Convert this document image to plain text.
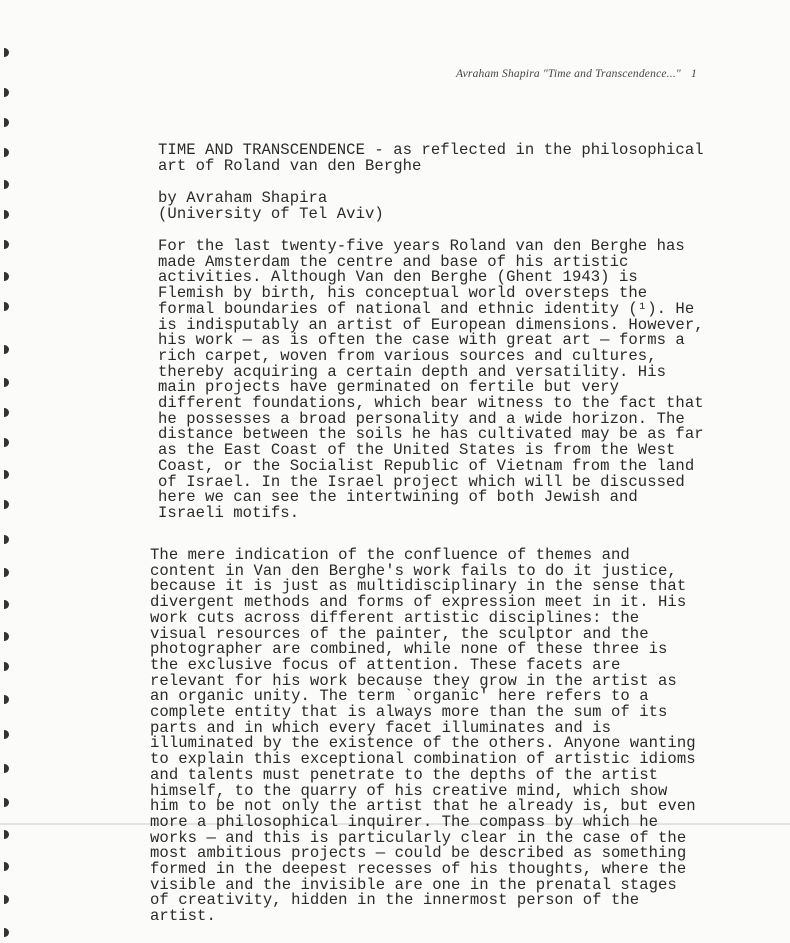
Avraham Shapira "Time and Transcendence..." 1
TIME AND TRANSCENDENCE - as reflected in the philosophical
art of Roland van den Berghe
by Avraham Shapira
(University of Tel Aviv)
For the last twenty-five years Roland van den Berghe has
made Amsterdam the centre and base of his artistic
activities. Although Van den Berghe (Ghent 1943) is
Flemish by birth, his conceptual world oversteps the
formal boundaries of national and ethnic identity (¹). He
is indisputably an artist of European dimensions. However,
his work — as is often the case with great art — forms a
rich carpet, woven from various sources and cultures,
thereby acquiring a certain depth and versatility. His
main projects have germinated on fertile but very
different foundations, which bear witness to the fact that
he possesses a broad personality and a wide horizon. The
distance between the soils he has cultivated may be as far
as the East Coast of the United States is from the West
Coast, or the Socialist Republic of Vietnam from the land
of Israel. In the Israel project which will be discussed
here we can see the intertwining of both Jewish and
Israeli motifs.
The mere indication of the confluence of themes and
content in Van den Berghe's work fails to do it justice,
because it is just as multidisciplinary in the sense that
divergent methods and forms of expression meet in it. His
work cuts across different artistic disciplines: the
visual resources of the painter, the sculptor and the
photographer are combined, while none of these three is
the exclusive focus of attention. These facets are
relevant for his work because they grow in the artist as
an organic unity. The term `organic' here refers to a
complete entity that is always more than the sum of its
parts and in which every facet illuminates and is
illuminated by the existence of the others. Anyone wanting
to explain this exceptional combination of artistic idioms
and talents must penetrate to the depths of the artist
himself, to the quarry of his creative mind, which show
him to be not only the artist that he already is, but even
more a philosophical inquirer. The compass by which he
works — and this is particularly clear in the case of the
most ambitious projects — could be described as something
formed in the deepest recesses of his thoughts, where the
visible and the invisible are one in the prenatal stages
of creativity, hidden in the innermost person of the
artist.
